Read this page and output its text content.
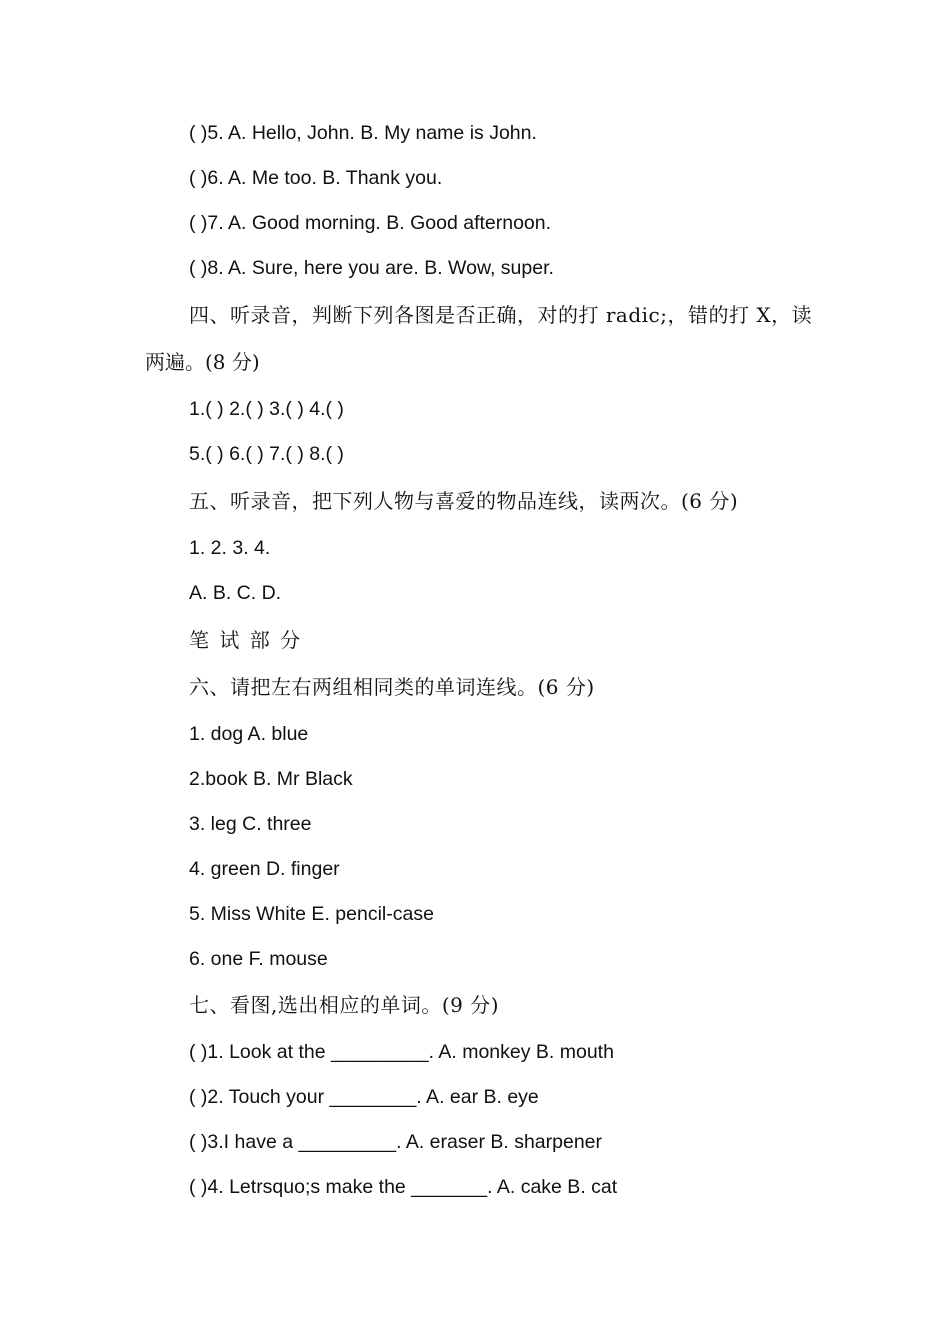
( )5. A. Hello, John. B. My name is John.
( )6. A. Me too. B. Thank you.
( )7. A. Good morning. B. Good afternoon.
( )8. A. Sure, here you are. B. Wow, super.
四、听录音，判断下列各图是否正确，对的打 radic;，错的打 X，读
两遍。(8 分)
1.( ) 2.( ) 3.( ) 4.( )
5.( ) 6.( ) 7.( ) 8.( )
五、听录音，把下列人物与喜爱的物品连线，读两次。(6 分)
1. 2. 3. 4.
A. B. C. D.
笔 试 部 分
六、请把左右两组相同类的单词连线。(6 分)
1. dog A. blue
2.book B. Mr Black
3. leg C. three
4. green D. finger
5. Miss White E. pencil-case
6. one F. mouse
七、看图,选出相应的单词。(9 分)
( )1. Look at the _________. A. monkey B. mouth
( )2. Touch your ________. A. ear B. eye
( )3.I have a _________. A. eraser B. sharpener
( )4. Letrsquo;s make the _______. A. cake B. cat
